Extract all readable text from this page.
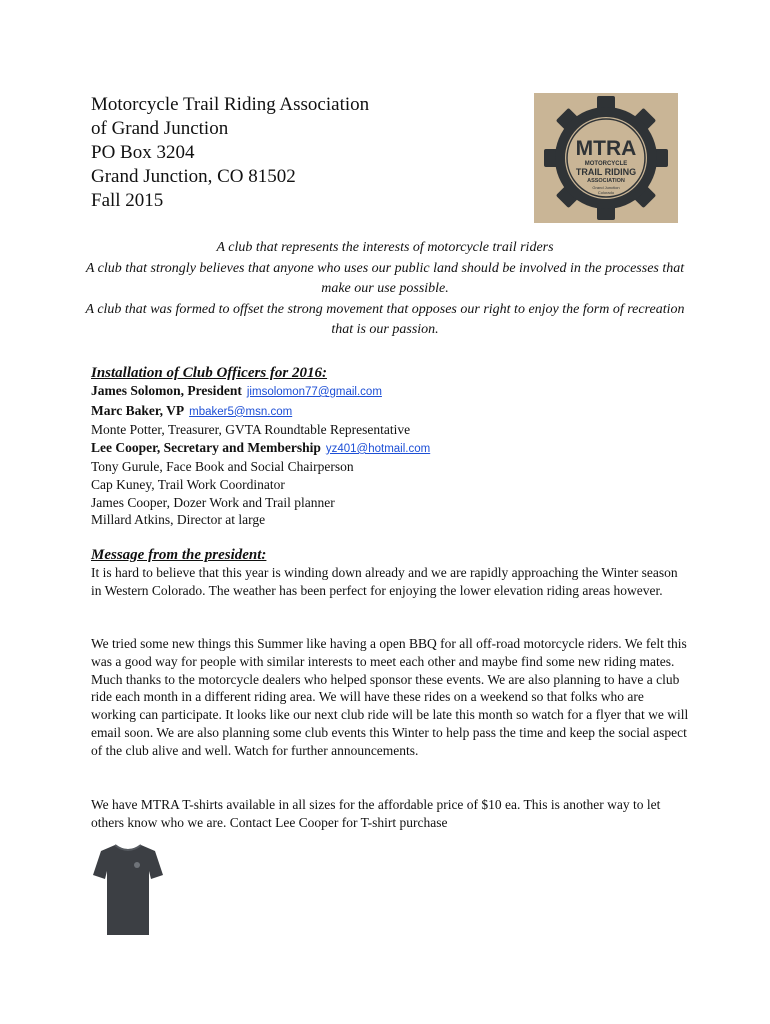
Motorcycle Trail Riding Association
of Grand Junction
PO Box 3204
Grand Junction, CO 81502
Fall 2015
MTRA
MOTORCYCLE
TRAIL RIDING
ASSOCIATION
Grand Junction
Colorado
A club that represents the interests of motorcycle trail riders
A club that strongly believes that anyone who uses our public land should be involved in the processes that make our use possible.
A club that was formed to offset the strong movement that opposes our right to enjoy the form of recreation that is our passion.
Installation of Club Officers for 2016:
James Solomon, President jimsolomon77@gmail.com
Marc Baker, VP mbaker5@msn.com
Monte Potter, Treasurer, GVTA Roundtable Representative
Lee Cooper, Secretary and Membership yz401@hotmail.com
Tony Gurule, Face Book and Social Chairperson
Cap Kuney, Trail Work Coordinator
James Cooper, Dozer Work and Trail planner
Millard Atkins, Director at large
Message from the president:

It is hard to believe that this year is winding down already and we are rapidly approaching the Winter season in Western Colorado. The weather has been perfect for enjoying the lower elevation riding areas however.

We tried some new things this Summer like having a open BBQ for all off-road motorcycle riders. We felt this was a good way for people with similar interests to meet each other and maybe find some new riding mates. Much thanks to the motorcycle dealers who helped sponsor these events. We are also planning to have a club ride each month in a different riding area. We will have these rides on a weekend so that folks who are working can participate. It looks like our next club ride will be late this month so watch for a flyer that we will email soon. We are also planning some club events this Winter to help pass the time and keep the social aspect of the club alive and well. Watch for further announcements.

We have MTRA T-shirts available in all sizes for the affordable price of $10 ea. This is another way to let others know who we are. Contact Lee Cooper for T-shirt purchase
